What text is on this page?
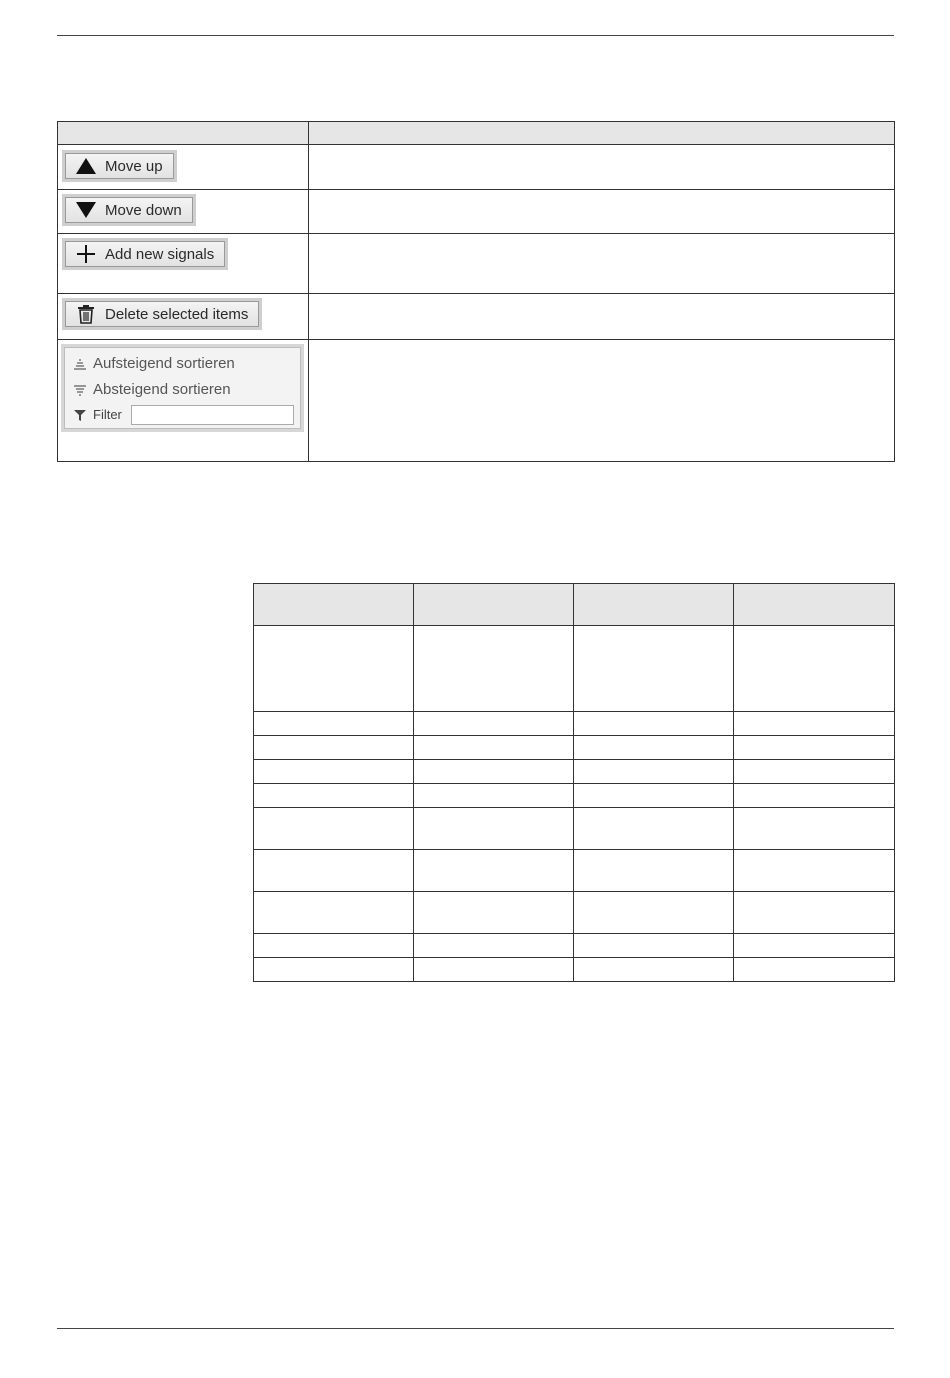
Move up	

Move down	

Add new signals	

Delete selected items	

Aufsteigend sortieren
Absteigend sortieren
Filter	
